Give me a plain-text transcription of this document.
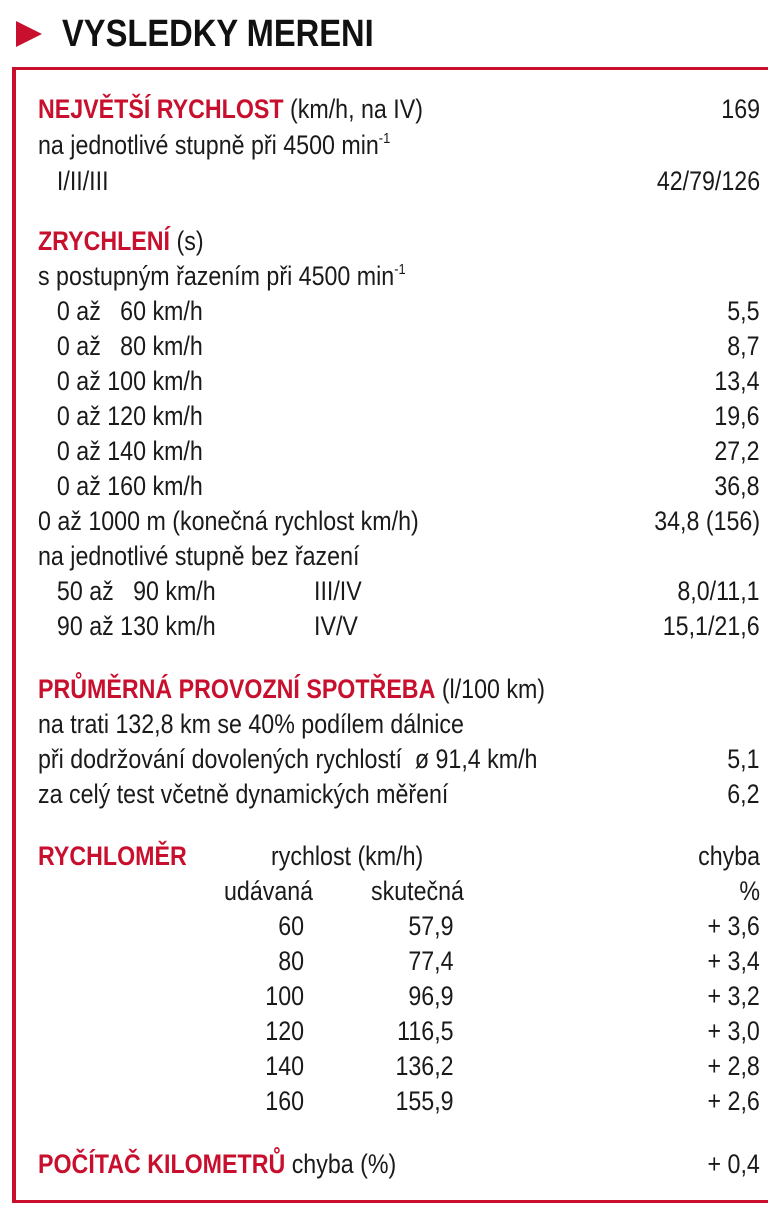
VYSLEDKY MERENI
NEJVĚTŠÍ RYCHLOST (km/h, na IV)	169
na jednotlivé stupně při 4500 $\min^{-1}$
I/II/III	42/79/126
ZRYCHLENÍ (s)
s postupným řazením při 4500 $\min^{-1}$
0 až   60 km/h	5,5
0 až   80 km/h	8,7
0 až 100 km/h	13,4
0 až 120 km/h	19,6
0 až 140 km/h	27,2
0 až 160 km/h	36,8
0 až 1000 m (konečná rychlost km/h)	34,8 (156)
na jednotlivé stupně bez řazení
50 až   90 km/h	III/IV	8,0/11,1
90 až 130 km/h	IV/V	15,1/21,6
PRŮMĚRNÁ PROVOZNÍ SPOTŘEBA (l/100 km)
na trati 132,8 km se 40% podílem dálnice
při dodržování dovolených rychlostí  ø 91,4 km/h	5,1
za celý test včetně dynamických měření	6,2
RYCHLOMĚR	rychlost (km/h)	chyba
udávaná	skutečná	%
60	57,9	+ 3,6
80	77,4	+ 3,4
100	96,9	+ 3,2
120	116,5	+ 3,0
140	136,2	+ 2,8
160	155,9	+ 2,6
POČÍTAČ KILOMETRŮ chyba (%)	+ 0,4
